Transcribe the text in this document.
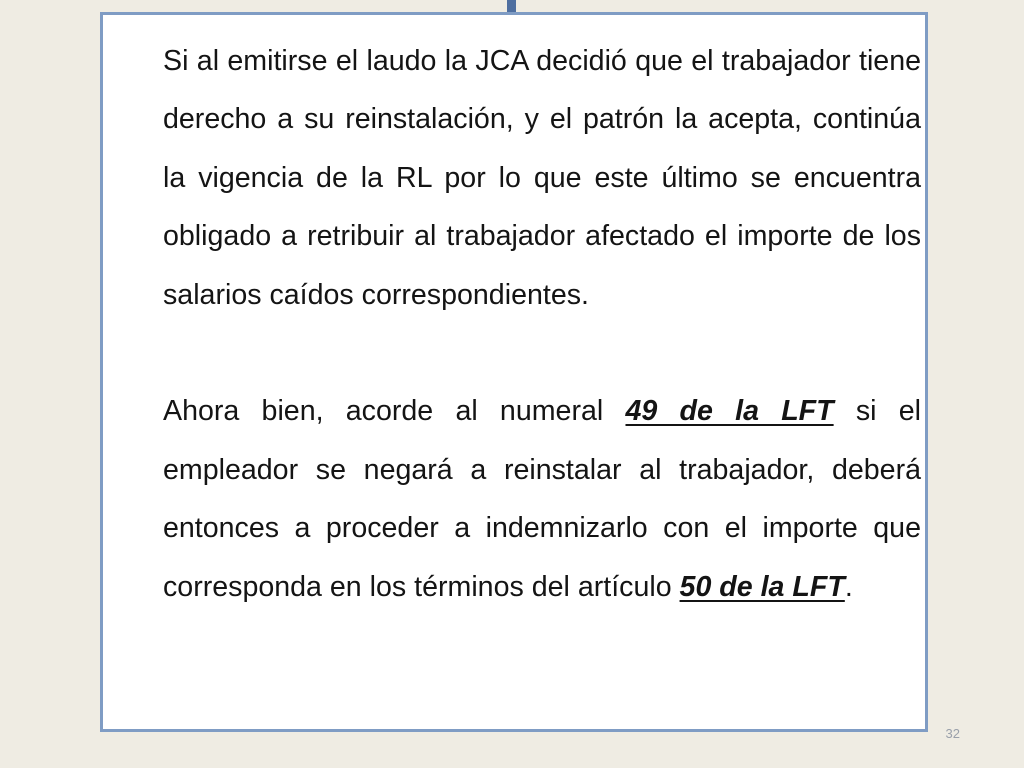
Si al emitirse el laudo la JCA decidió que el trabajador tiene derecho a su reinstalación, y el patrón la acepta, continúa la vigencia de la RL por lo que este último se encuentra obligado a retribuir al trabajador afectado el importe de los salarios caídos correspondientes.

Ahora bien, acorde al numeral 49 de la LFT si el empleador se negará a reinstalar al trabajador, deberá entonces a proceder a indemnizarlo con el importe que corresponda en los términos del artículo 50 de la LFT.

32
